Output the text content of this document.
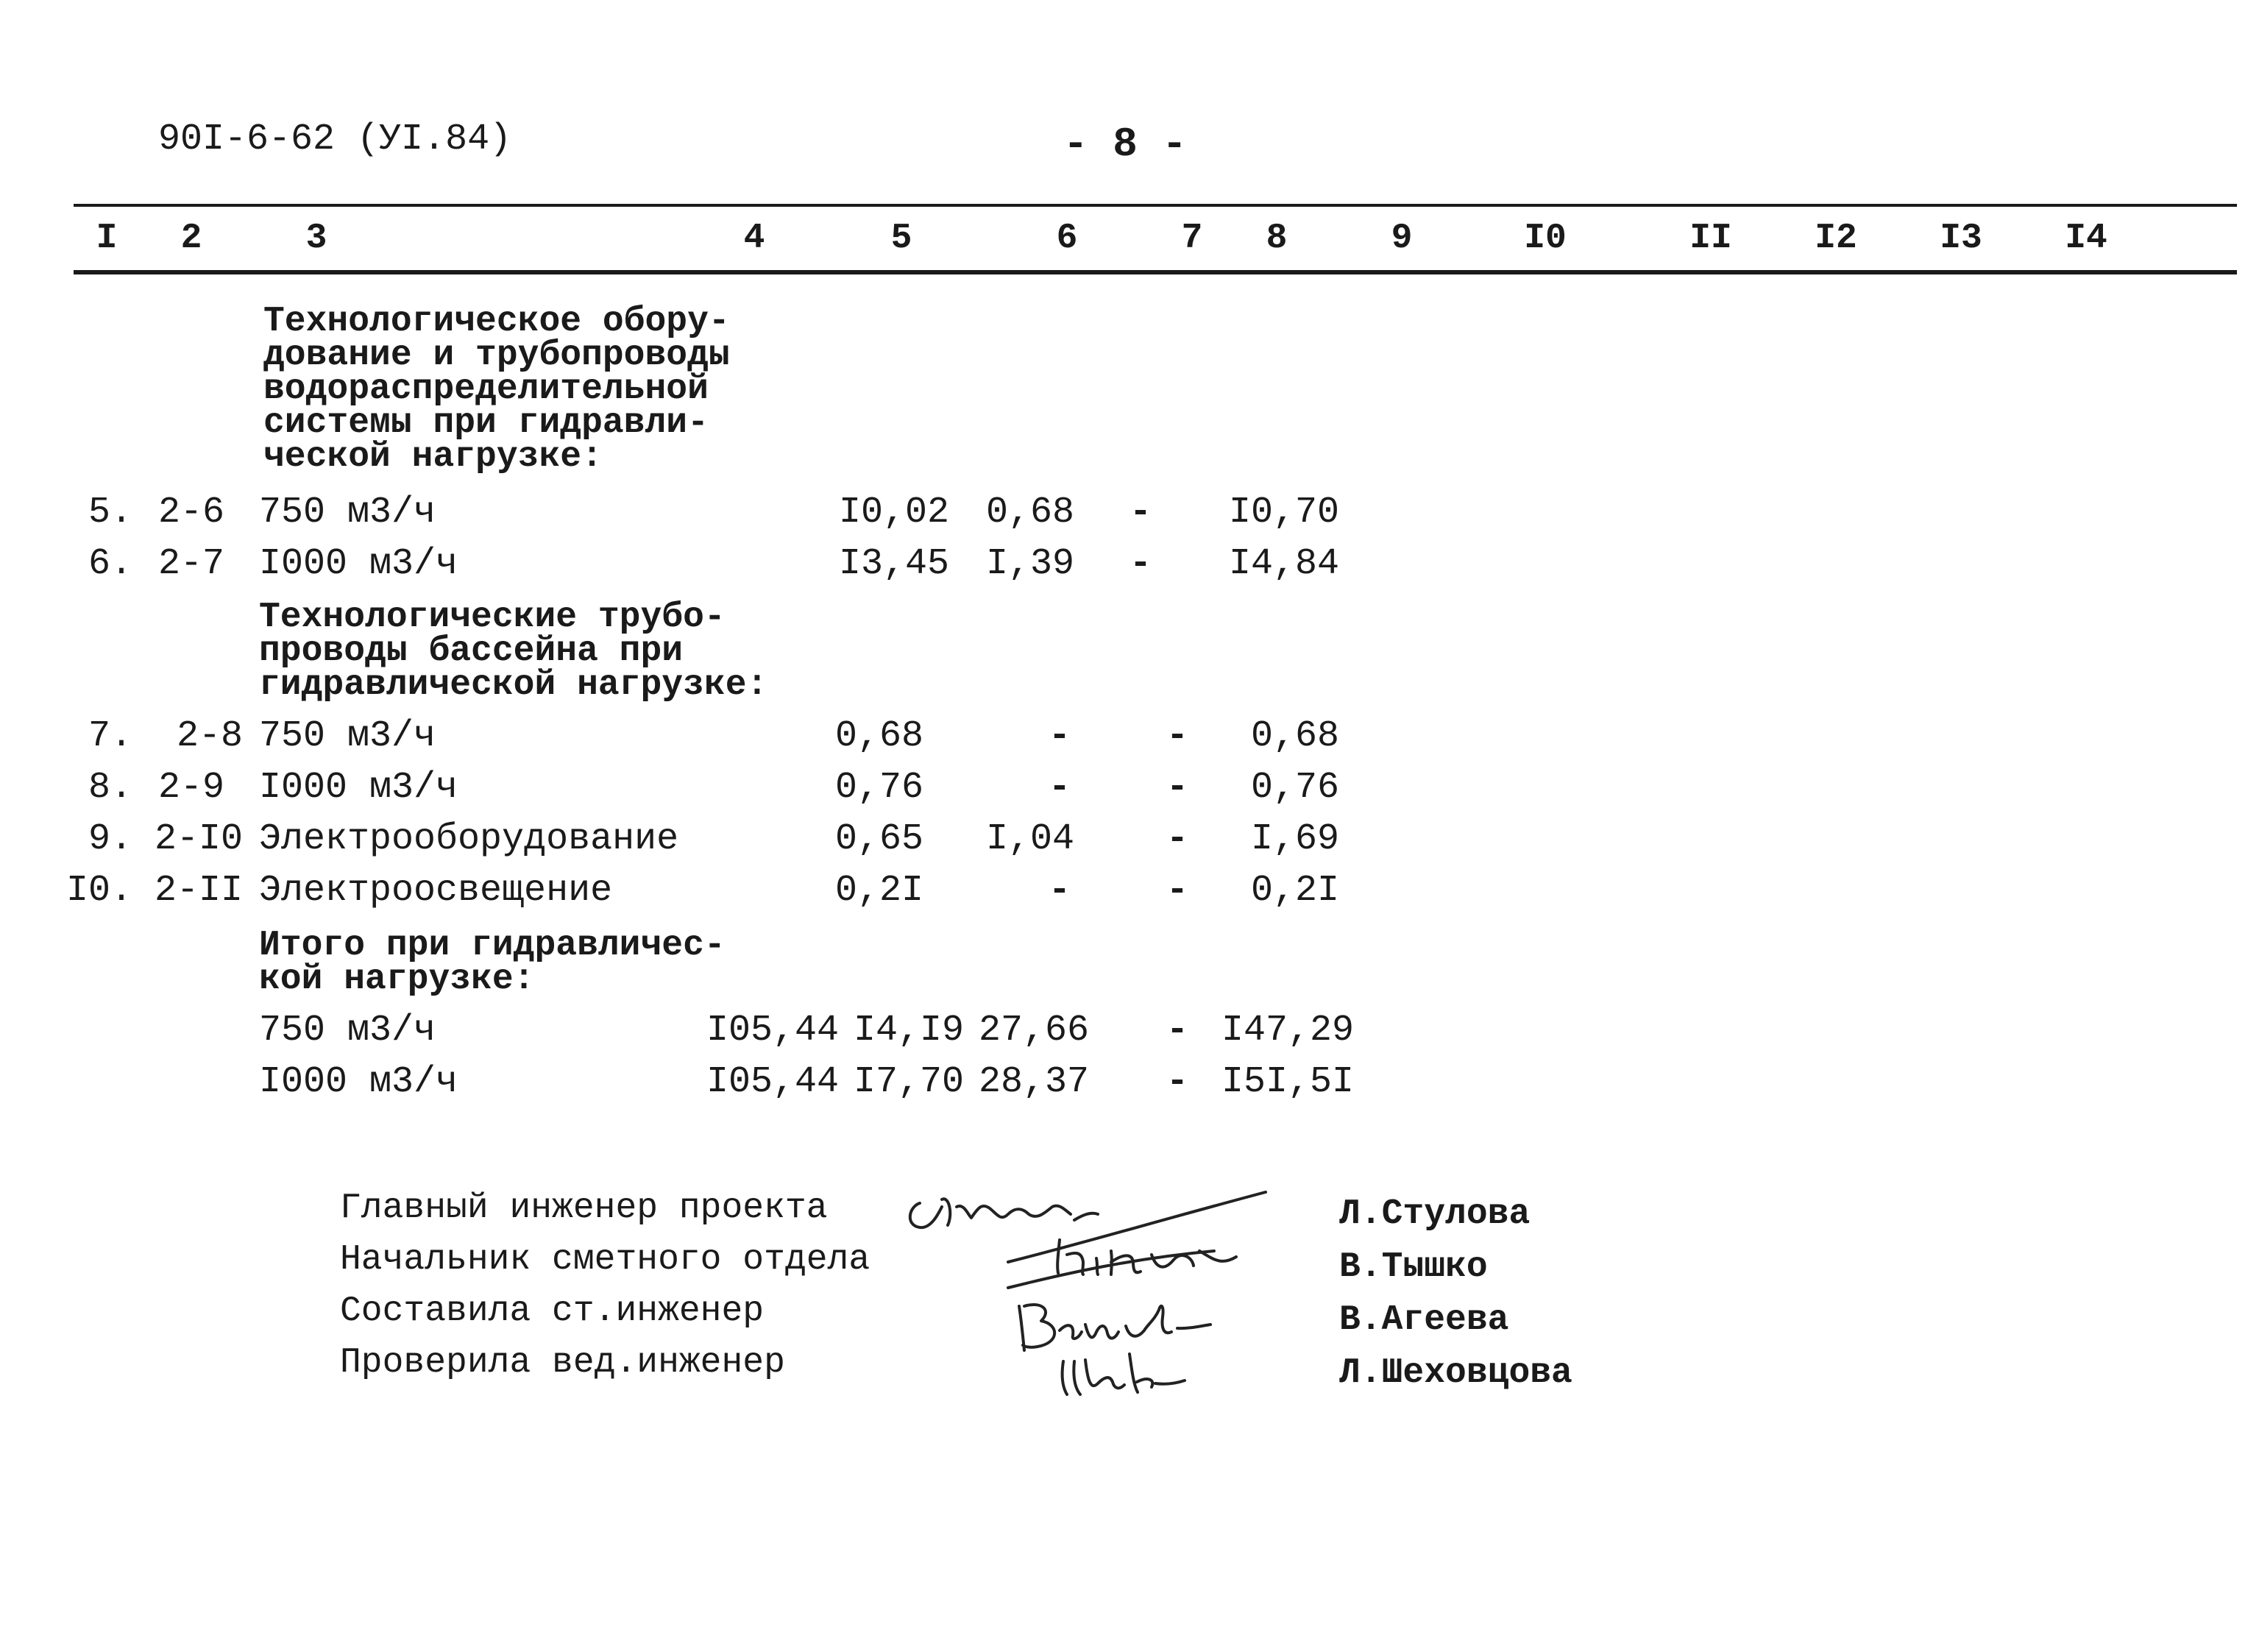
90I-6-62 (УI.84)	- 8 -
I	2	3	4	5	6	7	8	9	I0	II I2 I3 I4
Технологическое обору-
дование и трубопроводы
водораспределительной
системы при гидравли-
ческой нагрузке:
5. 2-6 750 м3/ч	I0,02 0,68 -	I0,70
6. 2-7 I000 м3/ч	I3,45 I,39 -	I4,84
Технологические трубо-
проводы бассейна при
гидравлической нагрузке:
7. 2-8 750 м3/ч	0,68	-	-	0,68
8. 2-9 I000 м3/ч	0,76	-	-	0,76
9. 2-I0 Электрооборудование	0,65	I,04	-	I,69
I0. 2-II Электроосвещение	0,2I	-	-	0,2I
Итого при гидравличес-
кой нагрузке:
750 м3/ч	I05,44 I4,I9 27,66 - I47,29
I000 м3/ч	I05,44 I7,70 28,37 - I5I,5I
Главный инженер проекта
Начальник сметного отдела
Составила ст.инженер
Проверила вед.инженер
Л.Стулова
В.Тышко
В.Агеева
Л.Шеховцова
